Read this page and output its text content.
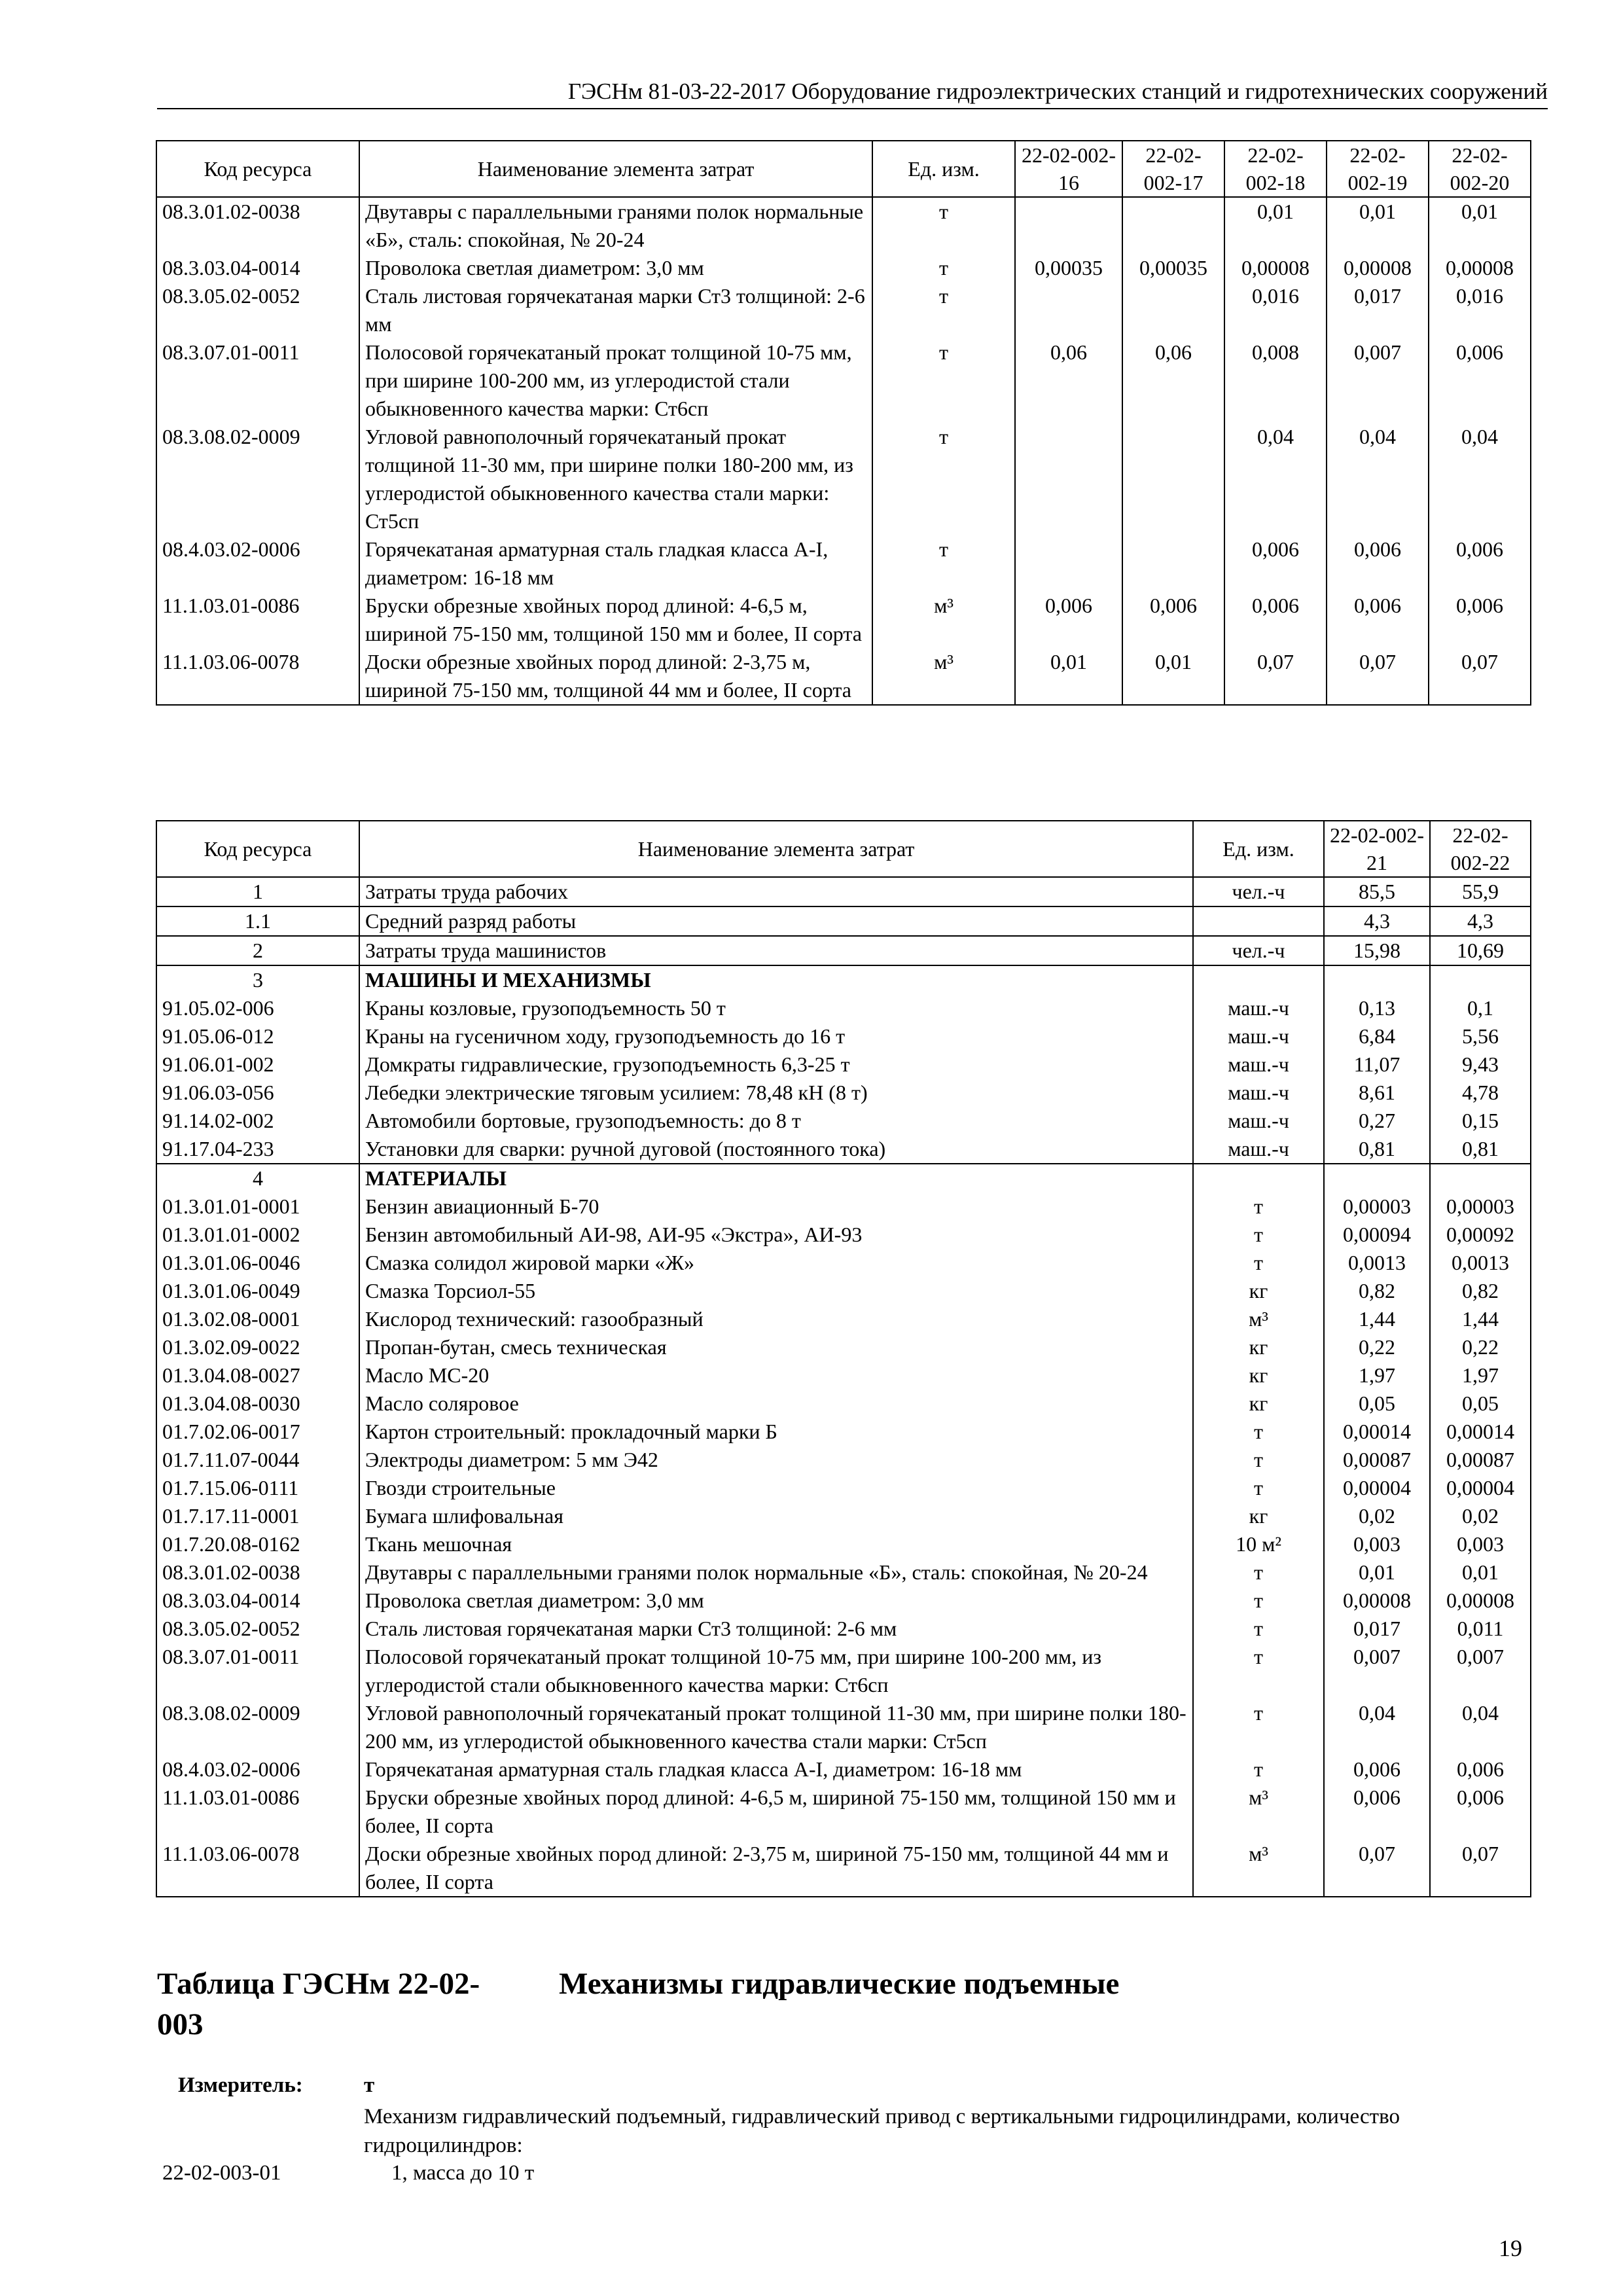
ГЭСНм 81-03-22-2017 Оборудование гидроэлектрических станций и гидротехнических сооружений
Код ресурса	Наименование элемента затрат	Ед. изм.	22-02-002-16	22-02-002-17	22-02-002-18	22-02-002-19	22-02-002-20
08.3.01.02-0038	Двутавры с параллельными гранями полок нормальные «Б», сталь: спокойная, № 20-24	т			0,01	0,01	0,01
08.3.03.04-0014	Проволока светлая диаметром: 3,0 мм	т	0,00035	0,00035	0,00008	0,00008	0,00008
08.3.05.02-0052	Сталь листовая горячекатаная марки Ст3 толщиной: 2-6 мм	т			0,016	0,017	0,016
08.3.07.01-0011	Полосовой горячекатаный прокат толщиной 10-75 мм, при ширине 100-200 мм, из углеродистой стали обыкновенного качества марки: Ст6сп	т	0,06	0,06	0,008	0,007	0,006
08.3.08.02-0009	Угловой равнополочный горячекатаный прокат толщиной 11-30 мм, при ширине полки 180-200 мм, из углеродистой обыкновенного качества стали марки: Ст5сп	т			0,04	0,04	0,04
08.4.03.02-0006	Горячекатаная арматурная сталь гладкая класса А-I, диаметром: 16-18 мм	т			0,006	0,006	0,006
11.1.03.01-0086	Бруски обрезные хвойных пород длиной: 4-6,5 м, шириной 75-150 мм, толщиной 150 мм и более, II сорта	м³	0,006	0,006	0,006	0,006	0,006
11.1.03.06-0078	Доски обрезные хвойных пород длиной: 2-3,75 м, шириной 75-150 мм, толщиной 44 мм и более, II сорта	м³	0,01	0,01	0,07	0,07	0,07
Код ресурса	Наименование элемента затрат	Ед. изм.	22-02-002-21	22-02-002-22
1	Затраты труда рабочих	чел.-ч	85,5	55,9
1.1	Средний разряд работы		4,3	4,3
2	Затраты труда машинистов	чел.-ч	15,98	10,69
3	МАШИНЫ И МЕХАНИЗМЫ			
91.05.02-006	Краны козловые, грузоподъемность 50 т	маш.-ч	0,13	0,1
91.05.06-012	Краны на гусеничном ходу, грузоподъемность до 16 т	маш.-ч	6,84	5,56
91.06.01-002	Домкраты гидравлические, грузоподъемность 6,3-25 т	маш.-ч	11,07	9,43
91.06.03-056	Лебедки электрические тяговым усилием: 78,48 кН (8 т)	маш.-ч	8,61	4,78
91.14.02-002	Автомобили бортовые, грузоподъемность: до 8 т	маш.-ч	0,27	0,15
91.17.04-233	Установки для сварки: ручной дуговой (постоянного тока)	маш.-ч	0,81	0,81
4	МАТЕРИАЛЫ			
01.3.01.01-0001	Бензин авиационный Б-70	т	0,00003	0,00003
01.3.01.01-0002	Бензин автомобильный АИ-98, АИ-95 «Экстра», АИ-93	т	0,00094	0,00092
01.3.01.06-0046	Смазка солидол жировой марки «Ж»	т	0,0013	0,0013
01.3.01.06-0049	Смазка Торсиол-55	кг	0,82	0,82
01.3.02.08-0001	Кислород технический: газообразный	м³	1,44	1,44
01.3.02.09-0022	Пропан-бутан, смесь техническая	кг	0,22	0,22
01.3.04.08-0027	Масло МС-20	кг	1,97	1,97
01.3.04.08-0030	Масло соляровое	кг	0,05	0,05
01.7.02.06-0017	Картон строительный: прокладочный марки Б	т	0,00014	0,00014
01.7.11.07-0044	Электроды диаметром: 5 мм Э42	т	0,00087	0,00087
01.7.15.06-0111	Гвозди строительные	т	0,00004	0,00004
01.7.17.11-0001	Бумага шлифовальная	кг	0,02	0,02
01.7.20.08-0162	Ткань мешочная	10 м²	0,003	0,003
08.3.01.02-0038	Двутавры с параллельными гранями полок нормальные «Б», сталь: спокойная, № 20-24	т	0,01	0,01
08.3.03.04-0014	Проволока светлая диаметром: 3,0 мм	т	0,00008	0,00008
08.3.05.02-0052	Сталь листовая горячекатаная марки Ст3 толщиной: 2-6 мм	т	0,017	0,011
08.3.07.01-0011	Полосовой горячекатаный прокат толщиной 10-75 мм, при ширине 100-200 мм, из углеродистой стали обыкновенного качества марки: Ст6сп	т	0,007	0,007
08.3.08.02-0009	Угловой равнополочный горячекатаный прокат толщиной 11-30 мм, при ширине полки 180-200 мм, из углеродистой обыкновенного качества стали марки: Ст5сп	т	0,04	0,04
08.4.03.02-0006	Горячекатаная арматурная сталь гладкая класса А-I, диаметром: 16-18 мм	т	0,006	0,006
11.1.03.01-0086	Бруски обрезные хвойных пород длиной: 4-6,5 м, шириной 75-150 мм, толщиной 150 мм и более, II сорта	м³	0,006	0,006
11.1.03.06-0078	Доски обрезные хвойных пород длиной: 2-3,75 м, шириной 75-150 мм, толщиной 44 мм и более, II сорта	м³	0,07	0,07
Таблица ГЭСНм 22-02-003
Механизмы гидравлические подъемные
Измеритель:	т
Механизм гидравлический подъемный, гидравлический привод с вертикальными гидроцилиндрами, количество гидроцилиндров:
22-02-003-01	1, масса до 10 т
19
